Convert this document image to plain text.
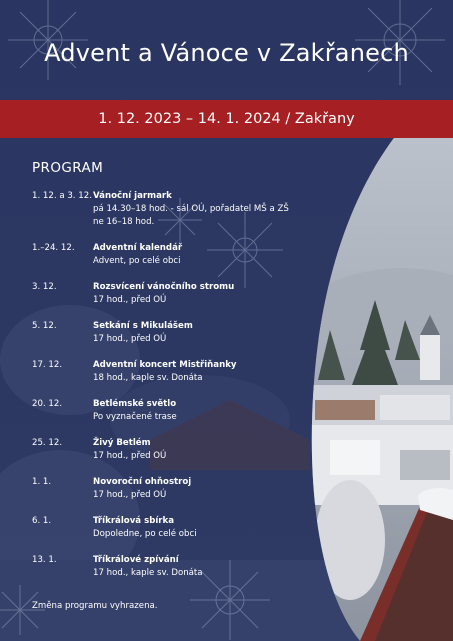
Advent a Vánoce v Zakřanech
1. 12. 2023 – 14. 1. 2024 / Zakřany
PROGRAM
1. 12. a 3. 12. Vánoční jarmark
pá 14.30–18 hod. - sál OÚ, pořadatel MŠ a ZŠ
ne 16–18 hod.
1.–24. 12.	Adventní kalendář
Advent, po celé obci
3. 12.	Rozsvícení vánočního stromu
17 hod., před OÚ
5. 12.	Setkání s Mikulášem
17 hod., před OÚ
17. 12.	Adventní koncert Mistřiňanky
18 hod., kaple sv. Donáta
20. 12.	Betlémské světlo
Po vyznačené trase
25. 12.	Živý Betlém
17 hod., před OÚ
1. 1.	Novoroční ohňostroj
17 hod., před OÚ
6. 1.	Tříkrálová sbírka
Dopoledne, po celé obci
13. 1.	Tříkrálové zpívání
17 hod., kaple sv. Donáta
Změna programu vyhrazena.
